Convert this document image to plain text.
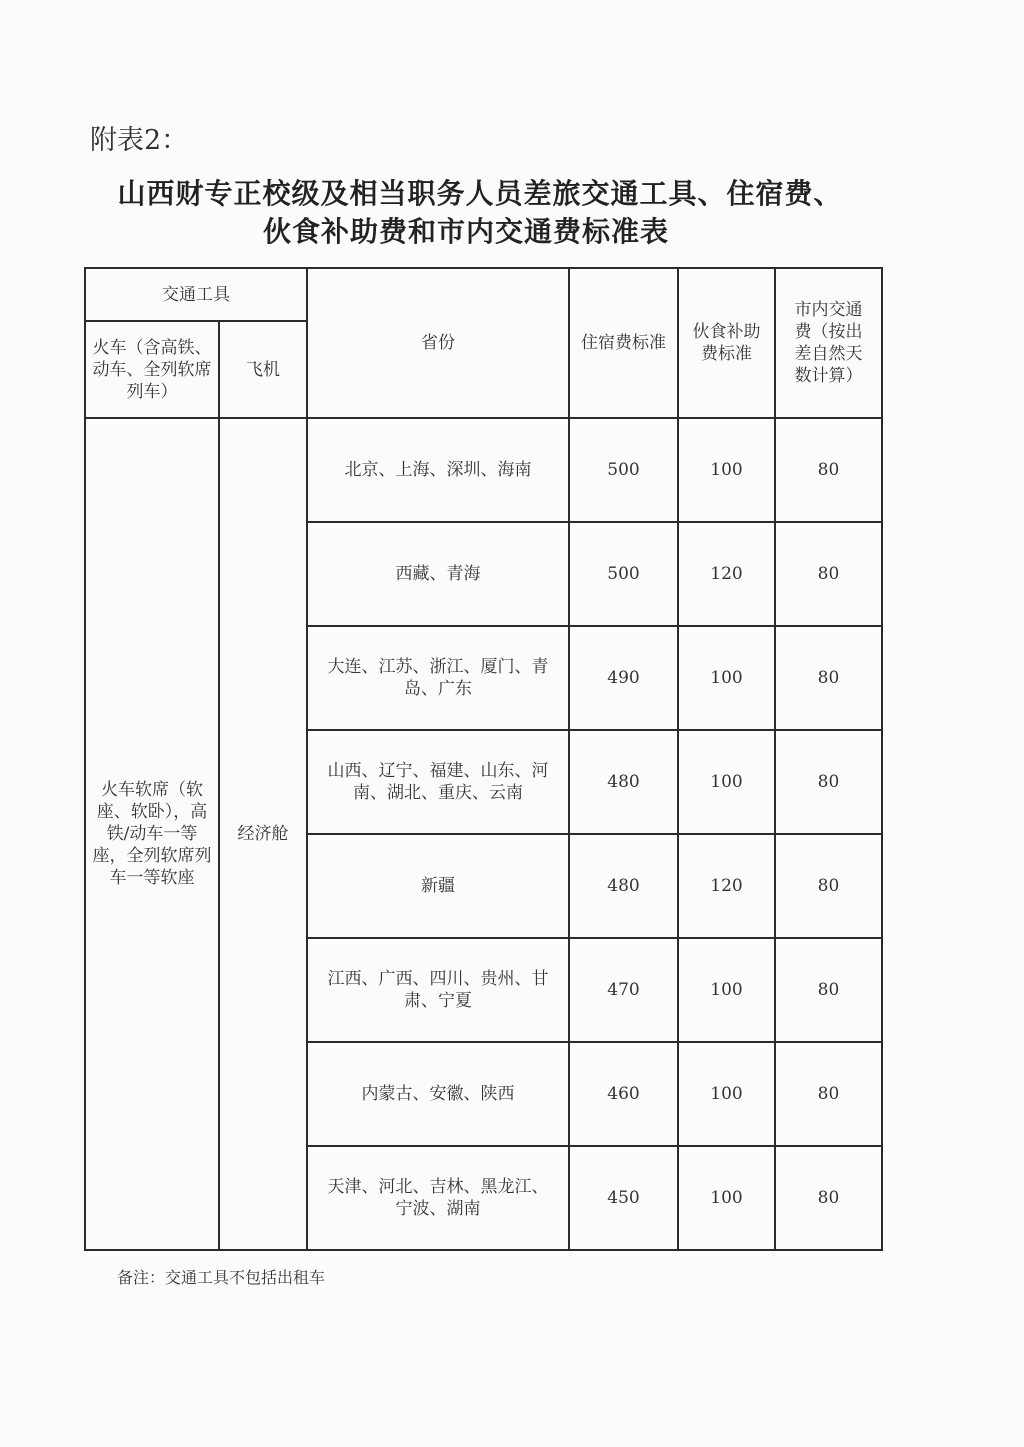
附表2：
山西财专正校级及相当职务人员差旅交通工具、住宿费、
伙食补助费和市内交通费标准表
交通工具		省份	住宿费标准	伙食补助费标准	市内交通费（按出差自然天数计算）
火车（含高铁、动车、全列软席列车）	飞机				
火车软席（软座、软卧），高铁/动车一等座，全列软席列车一等软座	经济舱	北京、上海、深圳、海南	500	100	80
		西藏、青海	500	120	80
		大连、江苏、浙江、厦门、青岛、广东	490	100	80
		山西、辽宁、福建、山东、河南、湖北、重庆、云南	480	100	80
		新疆	480	120	80
		江西、广西、四川、贵州、甘肃、宁夏	470	100	80
		内蒙古、安徽、陕西	460	100	80
		天津、河北、吉林、黑龙江、宁波、湖南	450	100	80
备注：交通工具不包括出租车
